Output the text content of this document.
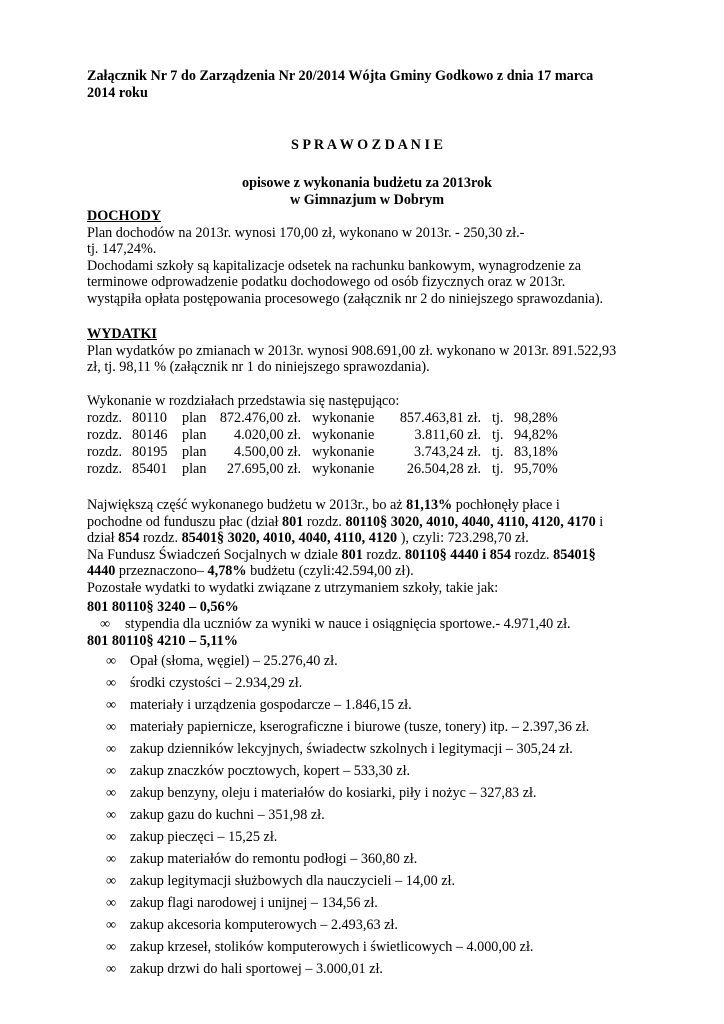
Załącznik Nr 7 do Zarządzenia Nr 20/2014 Wójta Gminy Godkowo z dnia 17 marca
2014 roku
S P R A W O Z D A N I E
opisowe z wykonania budżetu za 2013rok
w Gimnazjum w Dobrym
DOCHODY
Plan dochodów na 2013r. wynosi 170,00 zł, wykonano w 2013r. - 250,30 zł.-
tj. 147,24%.
Dochodami szkoły są kapitalizacje odsetek na rachunku bankowym, wynagrodzenie za
terminowe odprowadzenie podatku dochodowego od osób fizycznych oraz w 2013r.
wystąpiła opłata postępowania procesowego (załącznik nr 2 do niniejszego sprawozdania).
WYDATKI
Plan wydatków po zmianach w 2013r. wynosi 908.691,00 zł. wykonano w 2013r. 891.522,93
zł, tj. 98,11 % (załącznik nr 1 do niniejszego sprawozdania).
Wykonanie w rozdziałach przedstawia się następująco:
rozdz. 80110 plan 872.476,00 zł. wykonanie	857.463,81 zł. tj. 98,28%
rozdz. 80146 plan	4.020,00 zł. wykonanie	3.811,60 zł. tj. 94,82%
rozdz. 80195 plan	4.500,00 zł. wykonanie	3.743,24 zł. tj. 83,18%
rozdz. 85401 plan	27.695,00 zł. wykonanie	26.504,28 zł. tj. 95,70%
Największą część wykonanego budżetu w 2013r., bo aż 81,13% pochłonęły płace i
pochodne od funduszu płac (dział 801 rozdz. 80110§ 3020, 4010, 4040, 4110, 4120, 4170 i
dział 854 rozdz. 85401§ 3020, 4010, 4040, 4110, 4120 ), czyli: 723.298,70 zł.
Na Fundusz Świadczeń Socjalnych w dziale 801 rozdz. 80110§ 4440 i 854 rozdz. 85401§
4440 przeznaczono– 4,78% budżetu (czyli:42.594,00 zł).
Pozostałe wydatki to wydatki związane z utrzymaniem szkoły, takie jak:
801 80110§ 3240 – 0,56%
∞ stypendia dla uczniów za wyniki w nauce i osiągnięcia sportowe.- 4.971,40 zł.
801 80110§ 4210 – 5,11%
∞ Opał (słoma, węgiel) – 25.276,40 zł.
∞ środki czystości – 2.934,29 zł.
∞ materiały i urządzenia gospodarcze – 1.846,15 zł.
∞ materiały papiernicze, kserograficzne i biurowe (tusze, tonery) itp. – 2.397,36 zł.
∞ zakup dzienników lekcyjnych, świadectw szkolnych i legitymacji – 305,24 zł.
∞ zakup znaczków pocztowych, kopert – 533,30 zł.
∞ zakup benzyny, oleju i materiałów do kosiarki, piły i nożyc – 327,83 zł.
∞ zakup gazu do kuchni – 351,98 zł.
∞ zakup pieczęci – 15,25 zł.
∞ zakup materiałów do remontu podłogi – 360,80 zł.
∞ zakup legitymacji służbowych dla nauczycieli – 14,00 zł.
∞ zakup flagi narodowej i unijnej – 134,56 zł.
∞ zakup akcesoria komputerowych – 2.493,63 zł.
∞ zakup krzeseł, stolików komputerowych i świetlicowych – 4.000,00 zł.
∞ zakup drzwi do hali sportowej – 3.000,01 zł.
